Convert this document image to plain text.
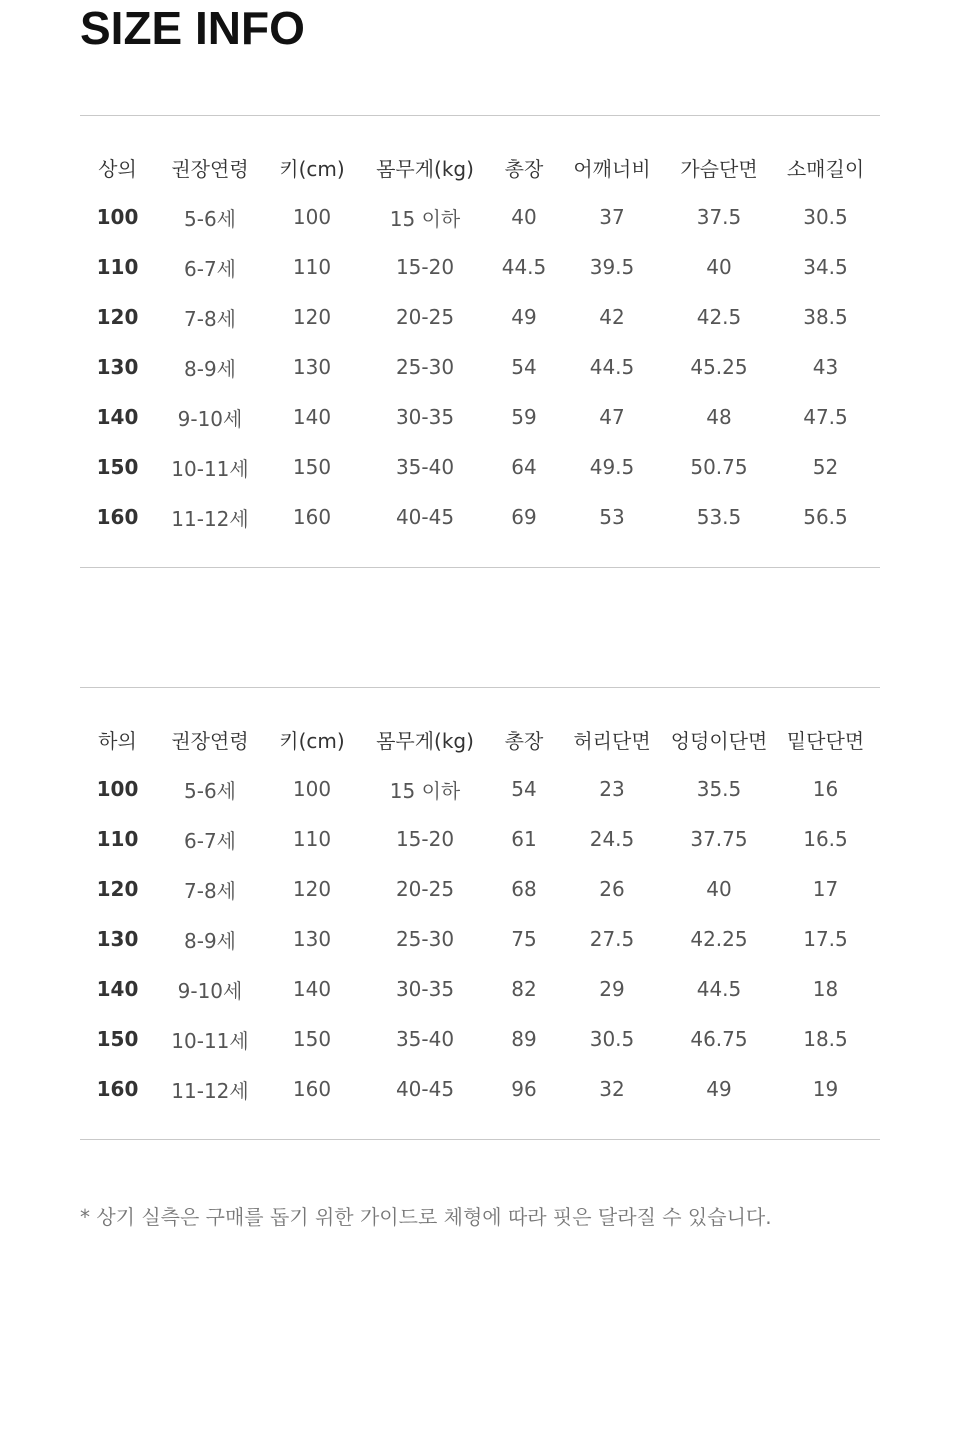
SIZE INFO

상의	권장연령	키(cm)	몸무게(kg)	총장	어깨너비	가슴단면	소매길이
100	5-6세	100	15 이하	40	37	37.5	30.5
110	6-7세	110	15-20	44.5	39.5	40	34.5
120	7-8세	120	20-25	49	42	42.5	38.5
130	8-9세	130	25-30	54	44.5	45.25	43
140	9-10세	140	30-35	59	47	48	47.5
150	10-11세	150	35-40	64	49.5	50.75	52
160	11-12세	160	40-45	69	53	53.5	56.5

하의	권장연령	키(cm)	몸무게(kg)	총장	허리단면	엉덩이단면	밑단단면
100	5-6세	100	15 이하	54	23	35.5	16
110	6-7세	110	15-20	61	24.5	37.75	16.5
120	7-8세	120	20-25	68	26	40	17
130	8-9세	130	25-30	75	27.5	42.25	17.5
140	9-10세	140	30-35	82	29	44.5	18
150	10-11세	150	35-40	89	30.5	46.75	18.5
160	11-12세	160	40-45	96	32	49	19

* 상기 실측은 구매를 돕기 위한 가이드로 체형에 따라 핏은 달라질 수 있습니다.
